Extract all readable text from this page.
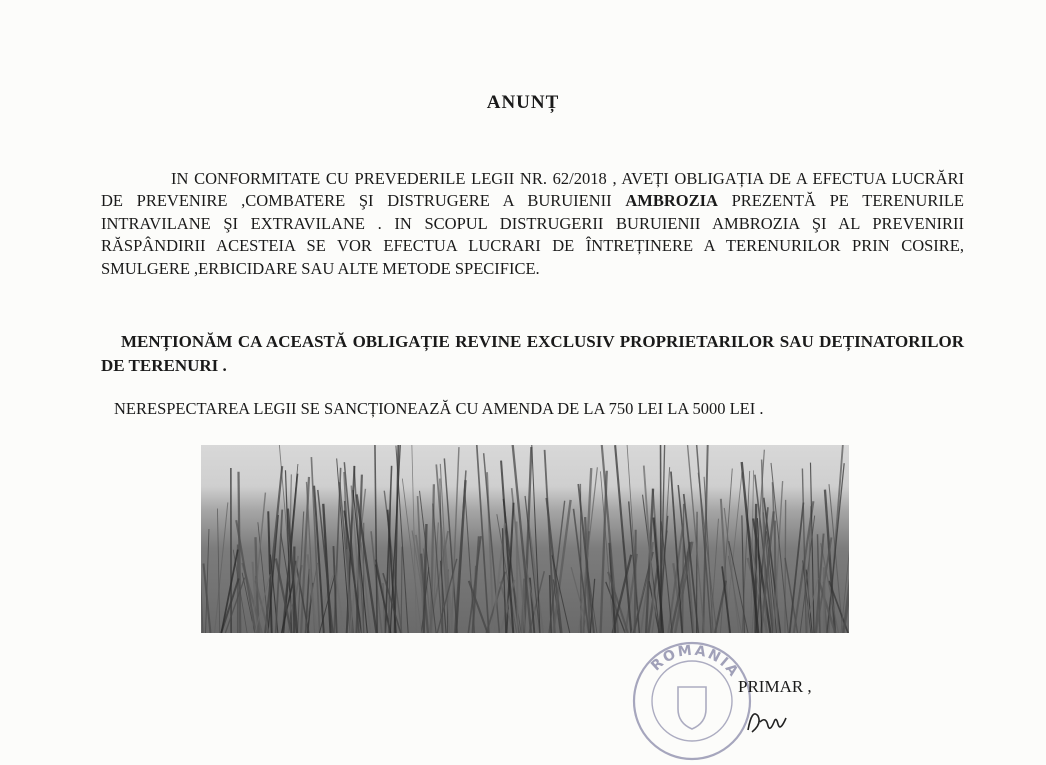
ANUNȚ
IN CONFORMITATE CU PREVEDERILE LEGII NR. 62/2018 , AVEȚI OBLIGAȚIA DE A EFECTUA LUCRĂRI DE PREVENIRE ,COMBATERE ŞI DISTRUGERE A BURUIENII AMBROZIA PREZENTĂ PE TERENURILE INTRAVILANE ŞI EXTRAVILANE . IN SCOPUL DISTRUGERII BURUIENII AMBROZIA ŞI AL PREVENIRII RĂSPÂNDIRII ACESTEIA SE VOR EFECTUA LUCRARI DE ÎNTREȚINERE A TERENURILOR PRIN COSIRE, SMULGERE ,ERBICIDARE SAU ALTE METODE SPECIFICE.
MENȚIONĂM CA ACEASTĂ OBLIGAȚIE REVINE EXCLUSIV PROPRIETARILOR SAU DEȚINATORILOR DE TERENURI .
NERESPECTAREA LEGII SE SANCȚIONEAZĂ CU AMENDA DE LA 750 LEI LA 5000 LEI .
ROMANIA
PRIMAR ,
